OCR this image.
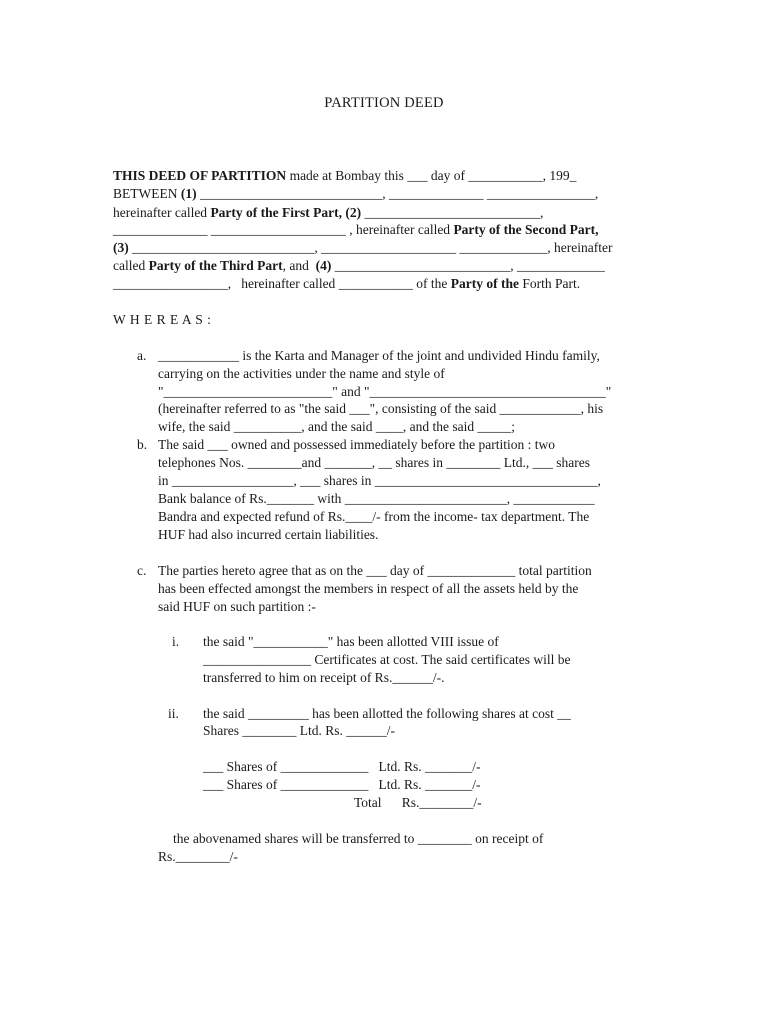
PARTITION DEED
THIS DEED OF PARTITION made at Bombay this ___ day of ___________, 199_
BETWEEN (1) ___________________________, ______________ ________________,
hereinafter called Party of the First Part, (2) __________________________,
______________ ____________________ , hereinafter called Party of the Second Part,
(3) ___________________________, ____________________ _____________, hereinafter
called Party of the Third Part, and  (4) __________________________, _____________
_________________,   hereinafter called ___________ of the Party of the Forth Part.
W H E R E A S :
a. ____________ is the Karta and Manager of the joint and undivided Hindu family,
carrying on the activities under the name and style of
"_________________________" and "___________________________________"
(hereinafter referred to as "the said ___", consisting of the said ____________, his
wife, the said __________, and the said ____, and the said _____;
b. The said ___ owned and possessed immediately before the partition : two
telephones Nos. ________and _______, __ shares in ________ Ltd., ___ shares
in __________________, ___ shares in _________________________________,
Bank balance of Rs._______ with ________________________, ____________
Bandra and expected refund of Rs.____/- from the income- tax department. The
HUF had also incurred certain liabilities.
c. The parties hereto agree that as on the ___ day of _____________ total partition
has been effected amongst the members in respect of all the assets held by the
said HUF on such partition :-
i. the said "___________" has been allotted VIII issue of
________________ Certificates at cost. The said certificates will be
transferred to him on receipt of Rs.______/-.
ii. the said _________ has been allotted the following shares at cost __
Shares ________ Ltd. Rs. ______/-
___ Shares of _____________   Ltd. Rs. _______/-
___ Shares of _____________   Ltd. Rs. _______/-
Total      Rs.________/-
the abovenamed shares will be transferred to ________ on receipt of
Rs.________/-
